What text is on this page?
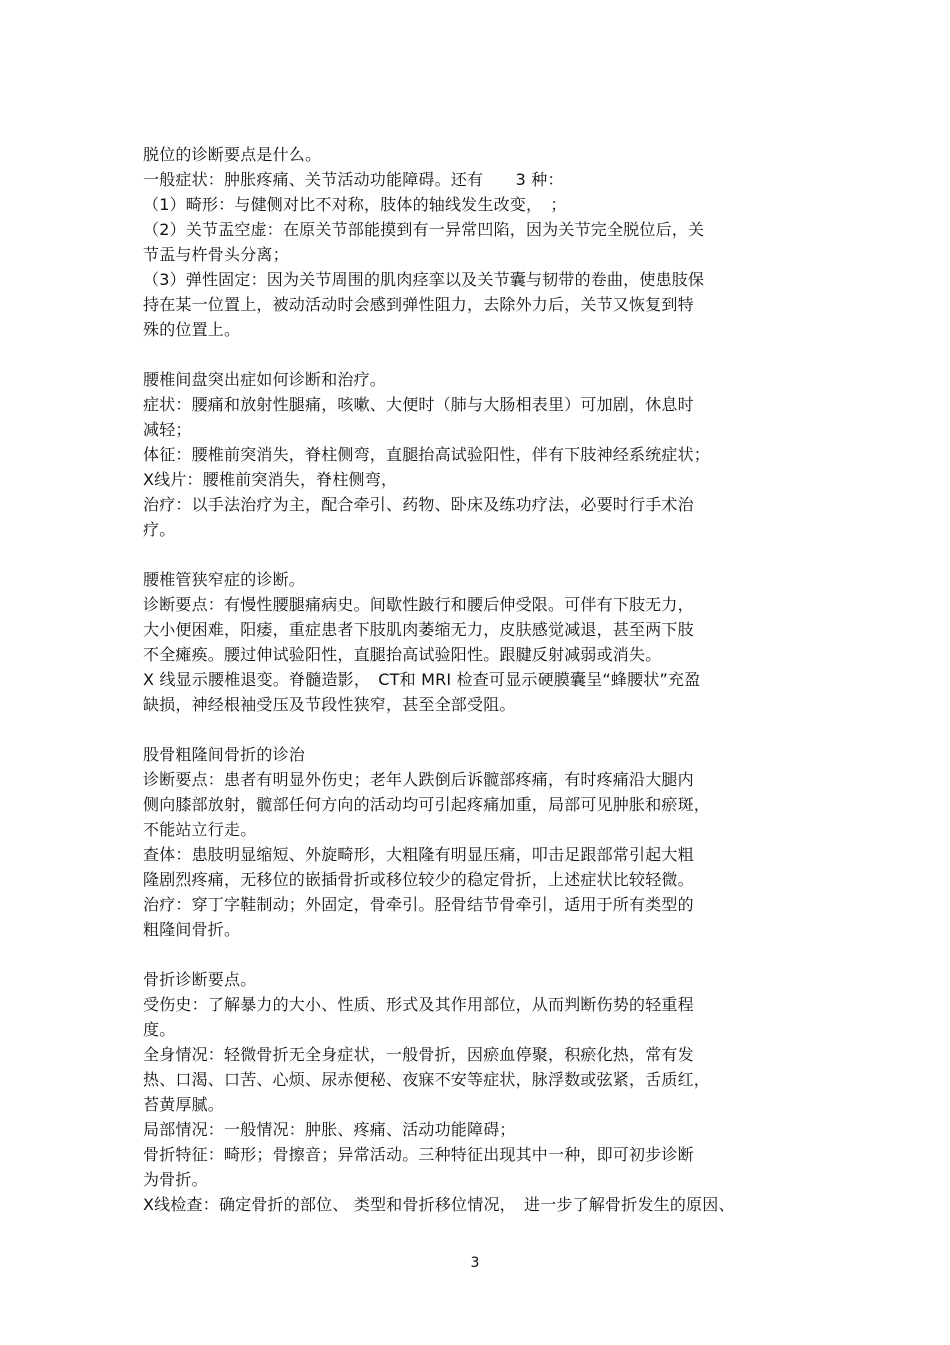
脱位的诊断要点是什么。
一般症状：肿胀疼痛、关节活动功能障碍。还有　　3 种：
（1）畸形：与健侧对比不对称，肢体的轴线发生改变，　；
（2）关节盂空虚：在原关节部能摸到有一异常凹陷，因为关节完全脱位后，关
节盂与杵骨头分离；
（3）弹性固定：因为关节周围的肌肉痉挛以及关节囊与韧带的卷曲，使患肢保
持在某一位置上，被动活动时会感到弹性阻力，去除外力后，关节又恢复到特
殊的位置上。
腰椎间盘突出症如何诊断和治疗。
症状：腰痛和放射性腿痛，咳嗽、大便时（肺与大肠相表里）可加剧，休息时
减轻；
体征：腰椎前突消失，脊柱侧弯，直腿抬高试验阳性，伴有下肢神经系统症状；
X线片：腰椎前突消失，脊柱侧弯，
治疗：以手法治疗为主，配合牵引、药物、卧床及练功疗法，必要时行手术治
疗。
腰椎管狭窄症的诊断。
诊断要点：有慢性腰腿痛病史。间歇性跛行和腰后伸受限。可伴有下肢无力，
大小便困难，阳痿，重症患者下肢肌肉萎缩无力，皮肤感觉减退，甚至两下肢
不全瘫痪。腰过伸试验阳性，直腿抬高试验阳性。跟腱反射减弱或消失。
X 线显示腰椎退变。脊髓造影，　CT和 MRI 检查可显示硬膜囊呈“蜂腰状”充盈
缺损，神经根袖受压及节段性狭窄，甚至全部受阻。
股骨粗隆间骨折的诊治
诊断要点：患者有明显外伤史；老年人跌倒后诉髋部疼痛，有时疼痛沿大腿内
侧向膝部放射，髋部任何方向的活动均可引起疼痛加重，局部可见肿胀和瘀斑，
不能站立行走。
查体：患肢明显缩短、外旋畸形，大粗隆有明显压痛，叩击足跟部常引起大粗
隆剧烈疼痛，无移位的嵌插骨折或移位较少的稳定骨折，上述症状比较轻微。
治疗：穿丁字鞋制动；外固定，骨牵引。胫骨结节骨牵引，适用于所有类型的
粗隆间骨折。
骨折诊断要点。
受伤史：了解暴力的大小、性质、形式及其作用部位，从而判断伤势的轻重程
度。
全身情况：轻微骨折无全身症状，一般骨折，因瘀血停聚，积瘀化热，常有发
热、口渴、口苦、心烦、尿赤便秘、夜寐不安等症状，脉浮数或弦紧，舌质红，
苔黄厚腻。
局部情况：一般情况：肿胀、疼痛、活动功能障碍；
骨折特征：畸形；骨擦音；异常活动。三种特征出现其中一种，即可初步诊断
为骨折。
X线检查：确定骨折的部位、 类型和骨折移位情况，　进一步了解骨折发生的原因、
3
